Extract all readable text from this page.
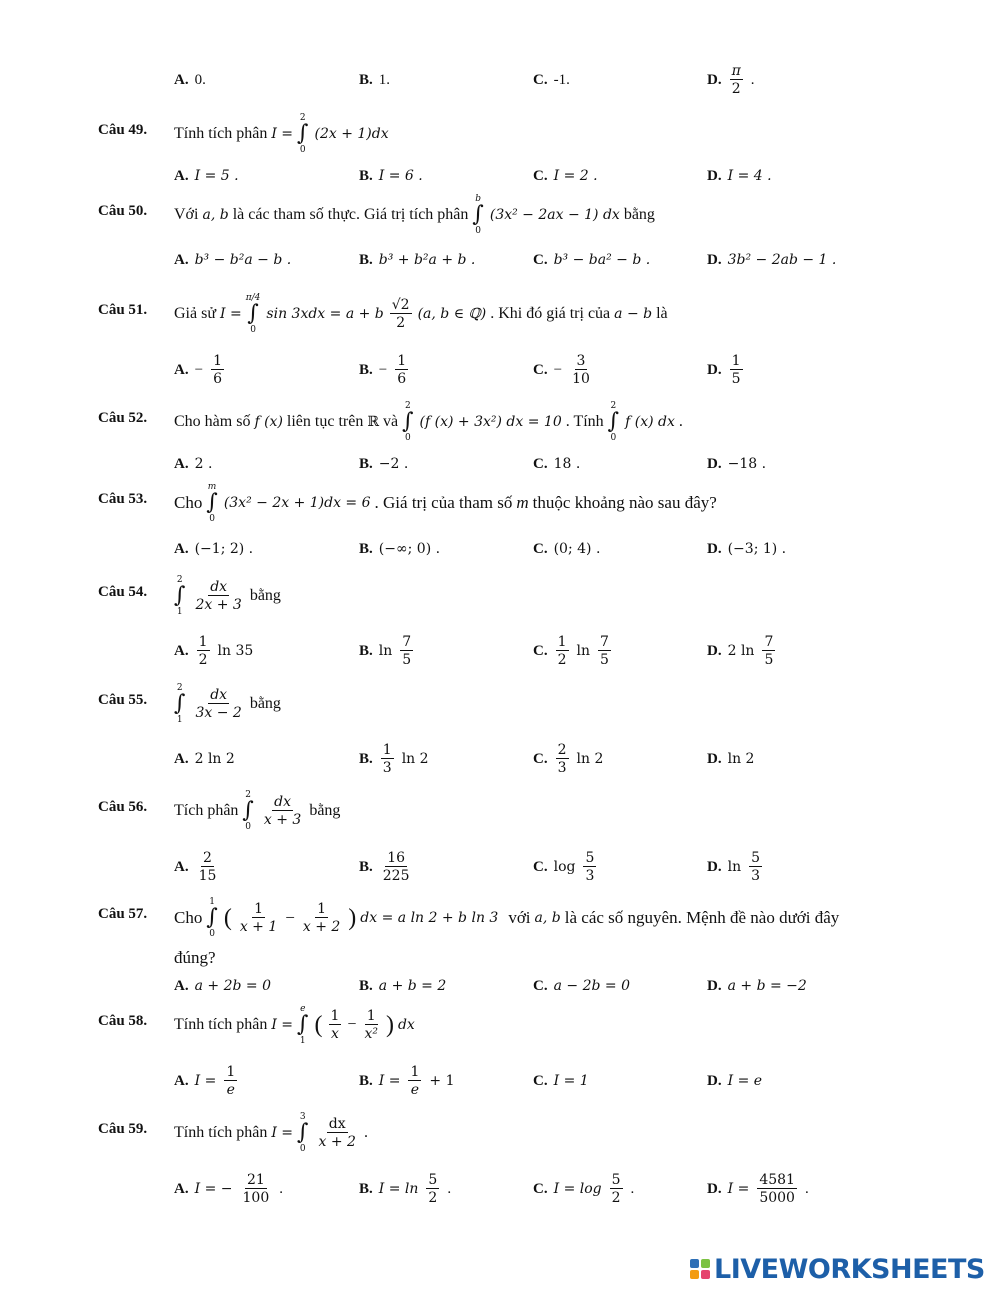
A. 0.	B. 1.	C. -1.	D. $\frac{\pi}{2}$ .
Câu 49. Tính tích phân I =
2
∫
0
(2x + 1)dx
A. I = 5 .	B. I = 6 .	C. I = 2 .	D. I = 4 .
Câu 50. Với a, b là các tham số thực. Giá trị tích phân
b
∫
0
(3x² − 2ax − 1) dx bằng
A. b³ − b²a − b .	B. b³ + b²a + b .	C. b³ − ba² − b .	D. 3b² − 2ab − 1 .
Câu 51. Giả sử I =
π/4
∫
0
sin 3xdx = a + b $\frac{√2}{2} (a$, b ∈ ℚ) . Khi đó giá trị của a − b là
A. − $\frac{1}{6}$	B. − $\frac{1}{6}$	C. − $\frac{3}{10}$	D. $\frac{1}{5}$
Câu 52. Cho hàm số f (x) liên tục trên ℝ và
2
∫
0
(f (x) + 3x²) dx = 10 . Tính
2
∫
0
f (x) dx .
A. 2 .	B. −2 .	C. 18 .	D. −18 .
Câu 53. Cho
m
∫
0
(3x² − 2x + 1)dx = 6 . Giá trị của tham số m thuộc khoảng nào sau đây?
A. (−1; 2) .	B. (−∞; 0) .	C. (0; 4) .	D. (−3; 1) .
Câu 54.
2
∫
$1 \frac{dx}{2x + 3}$ bằng
A. $\frac{1}{2}$ ln 35	B. $\ln \frac{7}{5}$	C. $\frac{1}{2}$ $\ln \frac{7}{5}$	D. 2 $\ln \frac{7}{5}$
Câu 55.
2
∫
$1 \frac{dx}{3x - 2}$ bằng
A. 2 ln 2	B. $\frac{1}{3}$ ln 2	C. $\frac{2}{3}$ ln 2	D. ln 2
Câu 56. Tích phân
2
∫
$0 \frac{dx}{x + 3}$ bằng
A. $\frac{2}{15}$	B. $\frac{16}{225}$	C. $\log \frac{5}{3}$	D. $\ln \frac{5}{3}$
Câu 57. Cho
1
∫
0
( $\frac{1}{x + 1} - \frac{1}{x + 2}$ ) dx = a ln 2 + b ln 3 với a, b là các số nguyên. Mệnh đề nào dưới đây
đúng?
A. a + 2b = 0	B. a + b = 2	C. a − 2b = 0	D. a + b = −2
Câu 58. Tính tích phân I =
e
∫
1
( $\frac{1}{x} - \frac{1}{\text{x²}}$ ) dx
A. $I = \frac{1}{e}$	B. $I = \frac{1}{e} + 1$	C. I = 1	D. I = e
Câu 59. Tính tích phân I =
3
∫
$0 \frac{dx}{x + 2}$ .
A. I = − $\frac{21}{100}$ .	B. $I = \ln \frac{5}{2}$ .	C. $I = \log \frac{5}{2}$ .	D. $I = \frac{4581}{5000}$ .
LIVEWORKSHEETS
